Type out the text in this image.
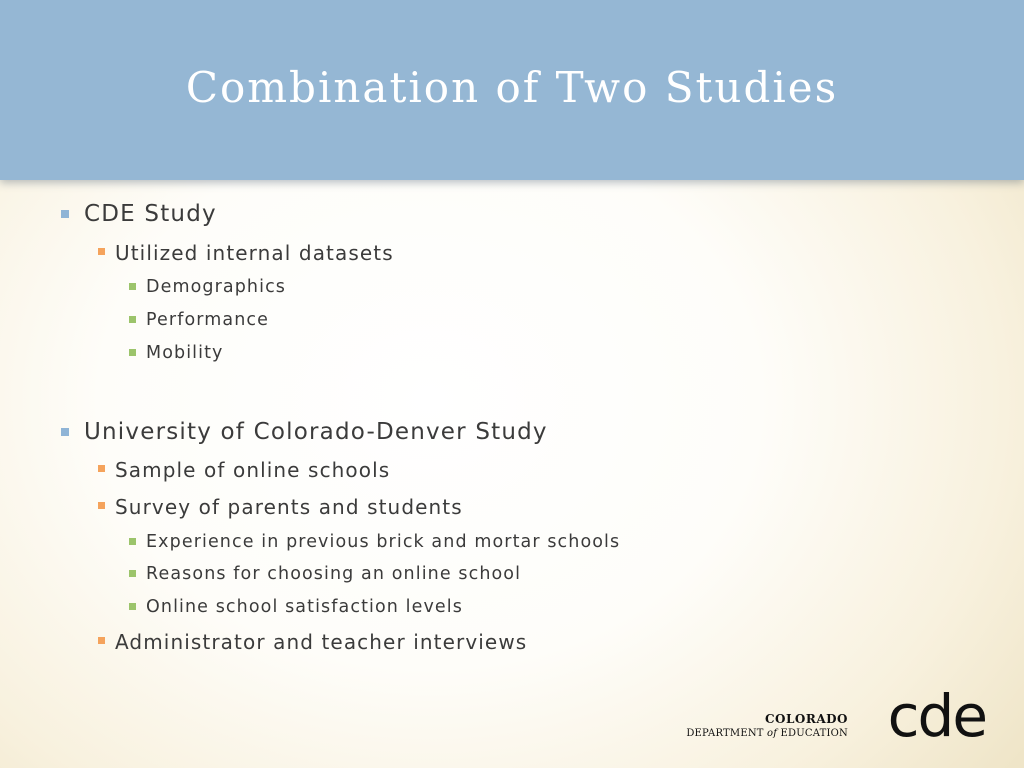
Combination of Two Studies
CDE Study
Utilized internal datasets
Demographics
Performance
Mobility
University of Colorado-Denver Study
Sample of online schools
Survey of parents and students
Experience in previous brick and mortar schools
Reasons for choosing an online school
Online school satisfaction levels
Administrator and teacher interviews
COLORADO
DEPARTMENT of EDUCATION cde
